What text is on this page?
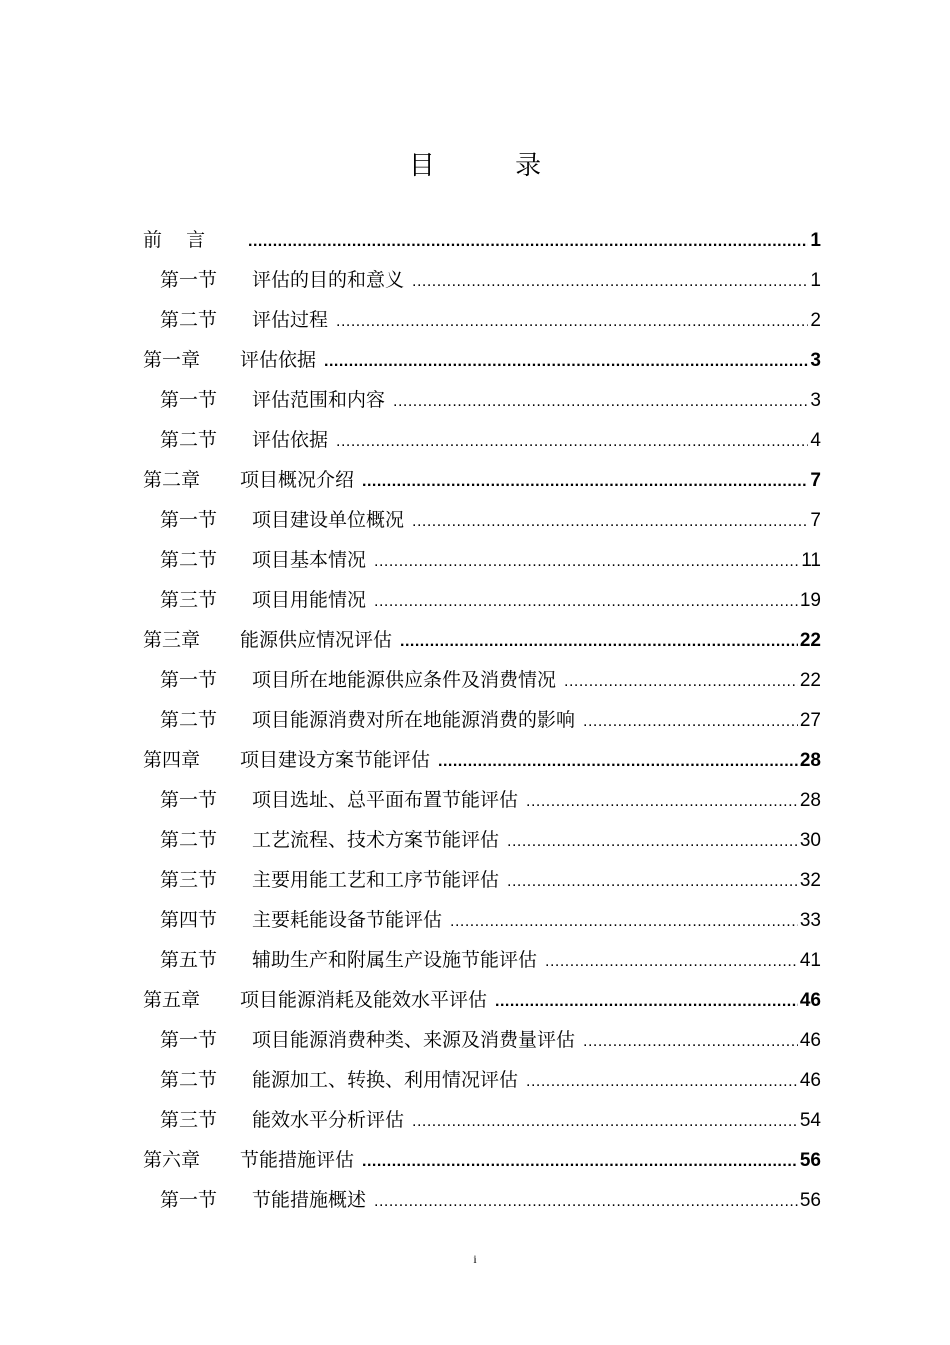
目 录
前    言 .....	1
第一节	评估的目的和意义 .....	1
第二节	评估过程 .....	2
第一章	评估依据 .....	3
第一节	评估范围和内容 .....	3
第二节	评估依据 .....	4
第二章	项目概况介绍 .....	7
第一节	项目建设单位概况 .....	7
第二节	项目基本情况 .....	11
第三节	项目用能情况 .....	19
第三章	能源供应情况评估 .....	22
第一节	项目所在地能源供应条件及消费情况 .....	22
第二节	项目能源消费对所在地能源消费的影响 .....	27
第四章	项目建设方案节能评估 .....	28
第一节	项目选址、总平面布置节能评估 .....	28
第二节	工艺流程、技术方案节能评估 .....	30
第三节	主要用能工艺和工序节能评估 .....	32
第四节	主要耗能设备节能评估 .....	33
第五节	辅助生产和附属生产设施节能评估 .....	41
第五章	项目能源消耗及能效水平评估 .....	46
第一节	项目能源消费种类、来源及消费量评估 .....	46
第二节	能源加工、转换、利用情况评估 .....	46
第三节	能效水平分析评估 .....	54
第六章	节能措施评估 .....	56
第一节	节能措施概述 .....	56
i
